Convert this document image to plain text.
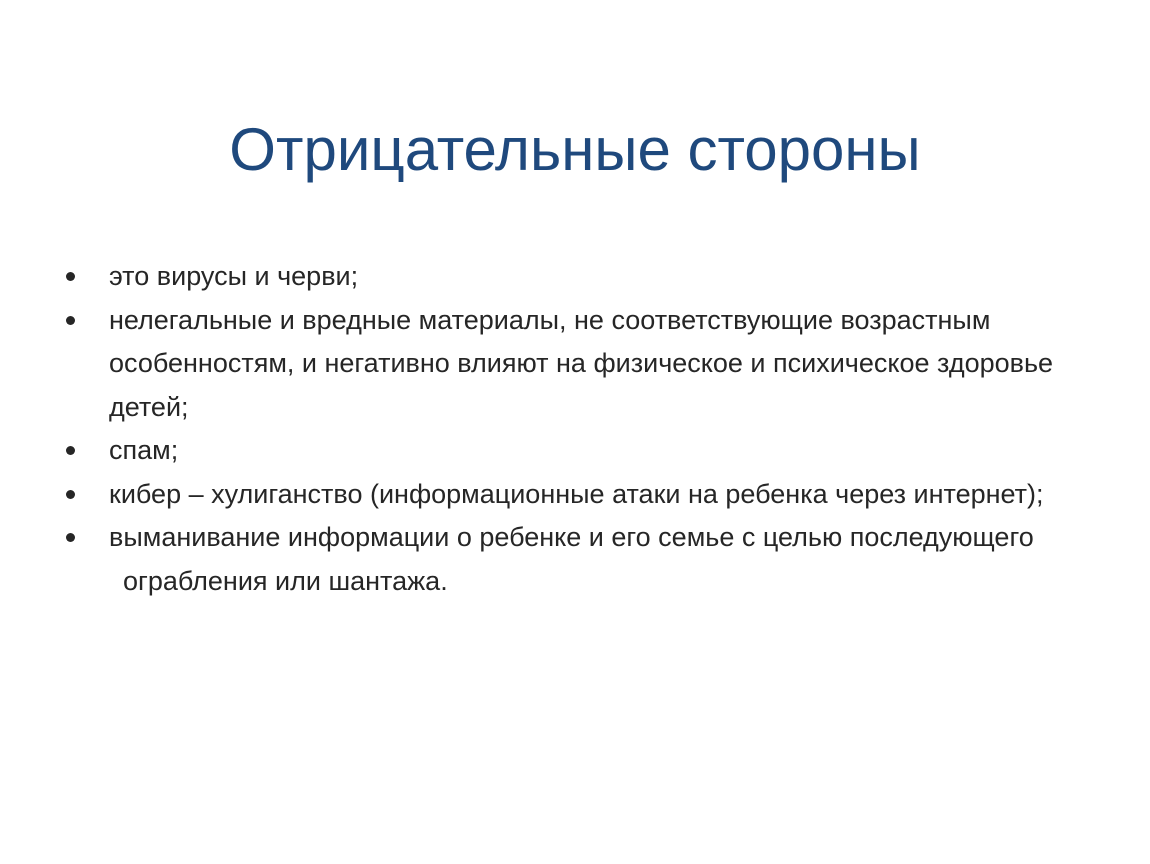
Отрицательные стороны
это вирусы и черви;
нелегальные и вредные материалы, не соответствующие возрастным особенностям, и негативно влияют на физическое и психическое здоровье детей;
спам;
кибер – хулиганство (информационные атаки на ребенка через интернет);
выманивание информации о ребенке и его семье с целью последующего
ограбления или шантажа.
